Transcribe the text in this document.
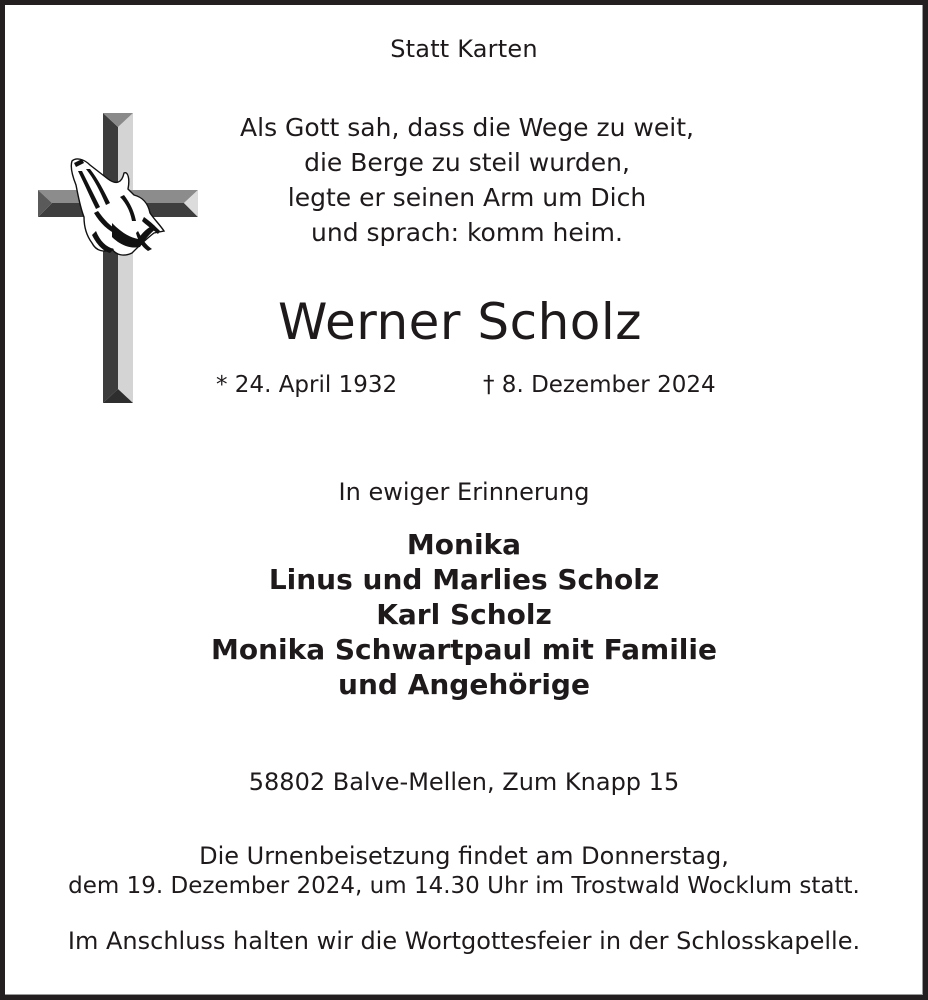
Statt Karten
Als Gott sah, dass die Wege zu weit,
die Berge zu steil wurden,
legte er seinen Arm um Dich
und sprach: komm heim.
Werner Scholz
* 24. April 1932	† 8. Dezember 2024
In ewiger Erinnerung
Monika
Linus und Marlies Scholz
Karl Scholz
Monika Schwartpaul mit Familie
und Angehörige
58802 Balve-Mellen, Zum Knapp 15
Die Urnenbeisetzung findet am Donnerstag,
dem 19. Dezember 2024, um 14.30 Uhr im Trostwald Wocklum statt.
Im Anschluss halten wir die Wortgottesfeier in der Schlosskapelle.
